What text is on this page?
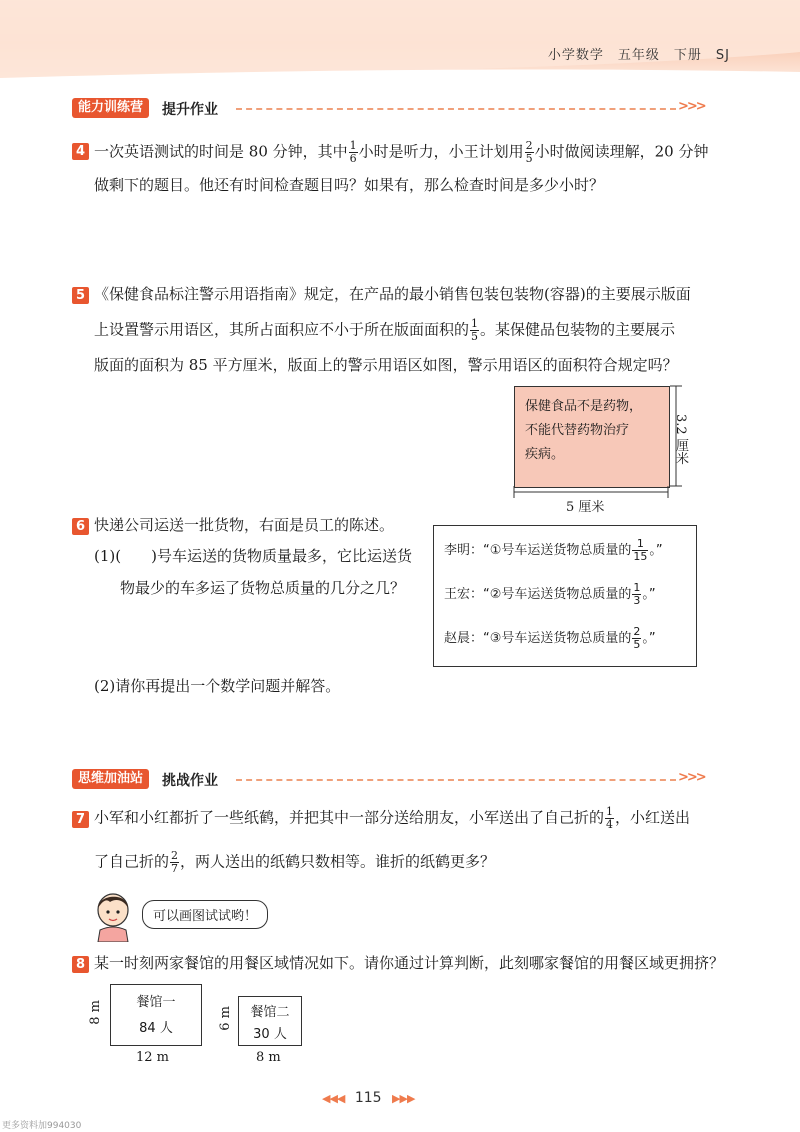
小学数学　五年级　下册　SJ
能力训练营	提升作业	>>>
4 一次英语测试的时间是 80 分钟，其中 $\frac{1}{6}$ 小时是听力，小王计划用 $\frac{2}{5}$ 小时做阅读理解，20 分钟
做剩下的题目。他还有时间检查题目吗？如果有，那么检查时间是多少小时？
5 《保健食品标注警示用语指南》规定，在产品的最小销售包装包装物(容器)的主要展示版面
上设置警示用语区，其所占面积应不小于所在版面面积的 $\frac{1}{5}$ 。某保健品包装物的主要展示
版面的面积为 85 平方厘米，版面上的警示用语区如图，警示用语区的面积符合规定吗？
保健食品不是药物，
不能代替药物治疗
疾病。	3.2 厘米
5 厘米
6 快递公司运送一批货物，右面是员工的陈述。
(1)(　　)号车运送的货物质量最多，它比运送货
物最少的车多运了货物总质量的几分之几？
(2)请你再提出一个数学问题并解答。
李明：“①号车运送货物总质量的 $\frac{1}{15}$ 。”
王宏：“②号车运送货物总质量的 $\frac{1}{3}$ 。”
赵晨：“③号车运送货物总质量的 $\frac{2}{5}$ 。”
思维加油站	挑战作业	>>>
7 小军和小红都折了一些纸鹤，并把其中一部分送给朋友，小军送出了自己折的 $\frac{1}{4}$ ，小红送出
了自己折的 $\frac{2}{7}$ ，两人送出的纸鹤只数相等。谁折的纸鹤更多？
可以画图试试哟！
8 某一时刻两家餐馆的用餐区域情况如下。请你通过计算判断，此刻哪家餐馆的用餐区域更拥挤？
餐馆一
84 人
8 m
12 m
餐馆二
30 人
6 m
8 m
◀◀◀ 115 ▶▶▶
更多资料加994030
